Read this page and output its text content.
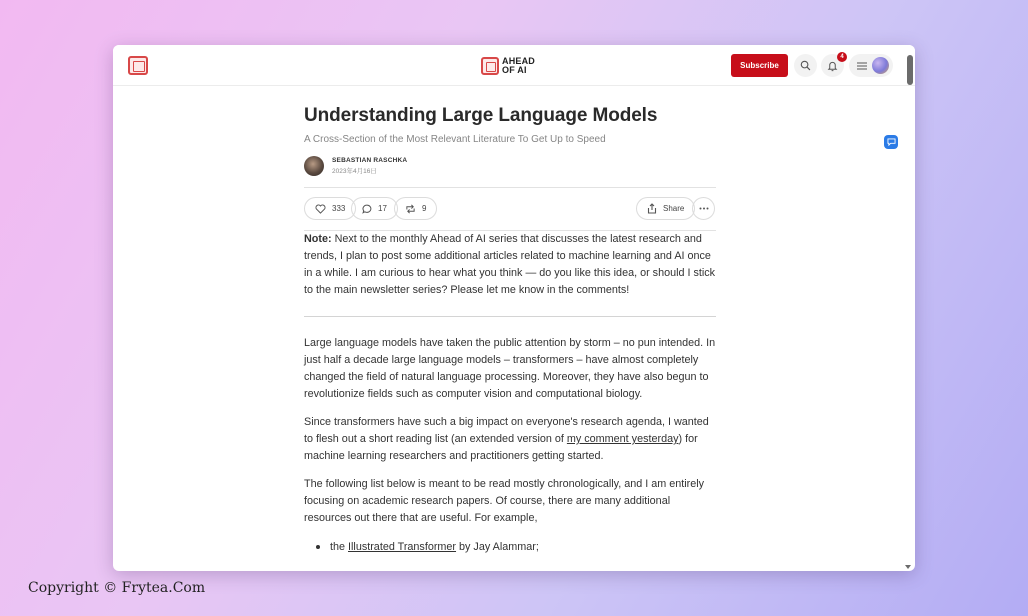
AHEAD
OF AI	Subscribe
4
Understanding Large Language Models
A Cross-Section of the Most Relevant Literature To Get Up to Speed
SEBASTIAN RASCHKA
2023年4月16日
333	17	9	Share

Note: Next to the monthly Ahead of AI series that discusses the latest research and trends, I plan to post some additional articles related to machine learning and AI once in a while. I am curious to hear what you think — do you like this idea, or should I stick to the main newsletter series? Please let me know in the comments!

Large language models have taken the public attention by storm – no pun intended. In just half a decade large language models – transformers – have almost completely changed the field of natural language processing. Moreover, they have also begun to revolutionize fields such as computer vision and computational biology.

Since transformers have such a big impact on everyone's research agenda, I wanted to flesh out a short reading list (an extended version of my comment yesterday) for machine learning researchers and practitioners getting started.

The following list below is meant to be read mostly chronologically, and I am entirely focusing on academic research papers. Of course, there are many additional resources out there that are useful. For example,

the Illustrated Transformer by Jay Alammar;
Copyright © Frytea.Com
